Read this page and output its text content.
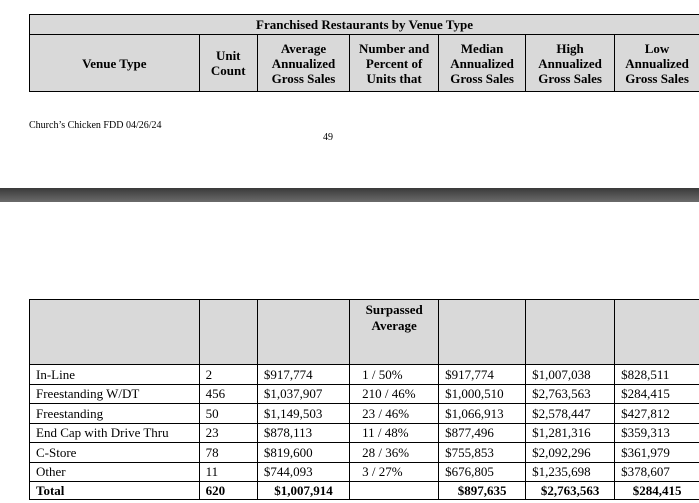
Franchised Restaurants by Venue Type
Venue Type	Unit Count	Average Annualized Gross Sales	Number and Percent of Units that	Median Annualized Gross Sales	High Annualized Gross Sales	Low Annualized Gross Sales
Church’s Chicken FDD 04/26/24
49
			Surpassed Average			
In-Line	2	$917,774	1 / 50%	$917,774	$1,007,038	$828,511
Freestanding W/DT	456	$1,037,907	210 / 46%	$1,000,510	$2,763,563	$284,415
Freestanding	50	$1,149,503	23 / 46%	$1,066,913	$2,578,447	$427,812
End Cap with Drive Thru	23	$878,113	11 / 48%	$877,496	$1,281,316	$359,313
C-Store	78	$819,600	28 / 36%	$755,853	$2,092,296	$361,979
Other	11	$744,093	3 / 27%	$676,805	$1,235,698	$378,607
Total	620	$1,007,914		$897,635	$2,763,563	$284,415
